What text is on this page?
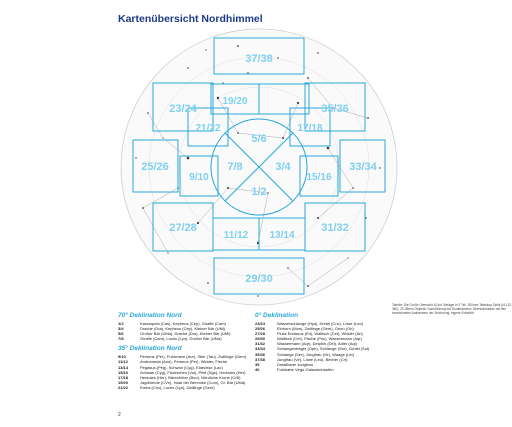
Kartenübersicht Nordhimmel
5/6
7/8	3/4
1/2
19/20
21/22	17/18
9/10	15/16
11/12 13/14
37/38
23/24	35/36
25/26	33/34
27/28	31/32
29/30
70° Deklination Nord
1/2	Kassiopeia (Cas), Kepheus (Cep), Giraffe (Cam)
3/4	Drache (Dra), Kepheus (Cep), Kleiner Bär (UMi)
5/6	Großer Bär (UMa), Drache (Dra), Kleiner Bär (UMi)
7/8	Giraffe (Cam), Luchs (Lyn), Großer Bär (UMa)
35° Deklination Nord
9/10	Perseus (Per), Fuhrmann (Aur), Stier (Tau), Zwillinge (Gem)
11/12	Andromeda (And), Perseus (Per), Widder, Fische
13/14	Pegasus (Peg), Schwan (Cyg), Eidechse (Lac)
15/16	Schwan (Cyg), Füchschen (Vul), Pfeil (Sge), Herkules (Her)
17/18	Herkules (Her), Bärenhüter (Boo), Nördliche Krone (CrB)
19/20	Jagdhunde (CVn), Haar der Berenike (Com), Gr. Bär (UMa)
21/22	Krebs (Cnc), Luchs (Lyn), Zwillinge (Gem)
0° Deklination
23/24	Wasserschlange (Hya), Krebs (Cnc), Löwe (Leo)
25/26	Einhorn (Mon), Zwillinge (Gem), Orion (Ori)
27/28	Fluss Eridanus (Eri), Walfisch (Cet), Widder (Ari)
29/30	Walfisch (Cet), Fische (Psc), Wassermann (Aqr)
31/32	Wassermann (Aqr), Delphin (Del), Adler (Aql)
33/34	Schlangenträger (Oph), Schlange (Ser), Schild (Sct)
35/36	Schlange (Ser), Jungfrau (Vir), Waage (Lib)
37/38	Jungfrau (Vir), Löwe (Leo), Becher (Crt)
39	Detailkarte Jungfrau
40	Fotokarte Virgo-Galaxienhaufen
Tabelle: Die Große Übersicht 40-fol. Beilage in 3 Teil, 300mm-Teleskop-Optik (f4,112-360), 20-35mm Objektiv, Nachführung mit Guidekamera; Übersichtskarte mit den bezeichneten Aufnahmen der Zeichnung, eigene Entwürfe
2
